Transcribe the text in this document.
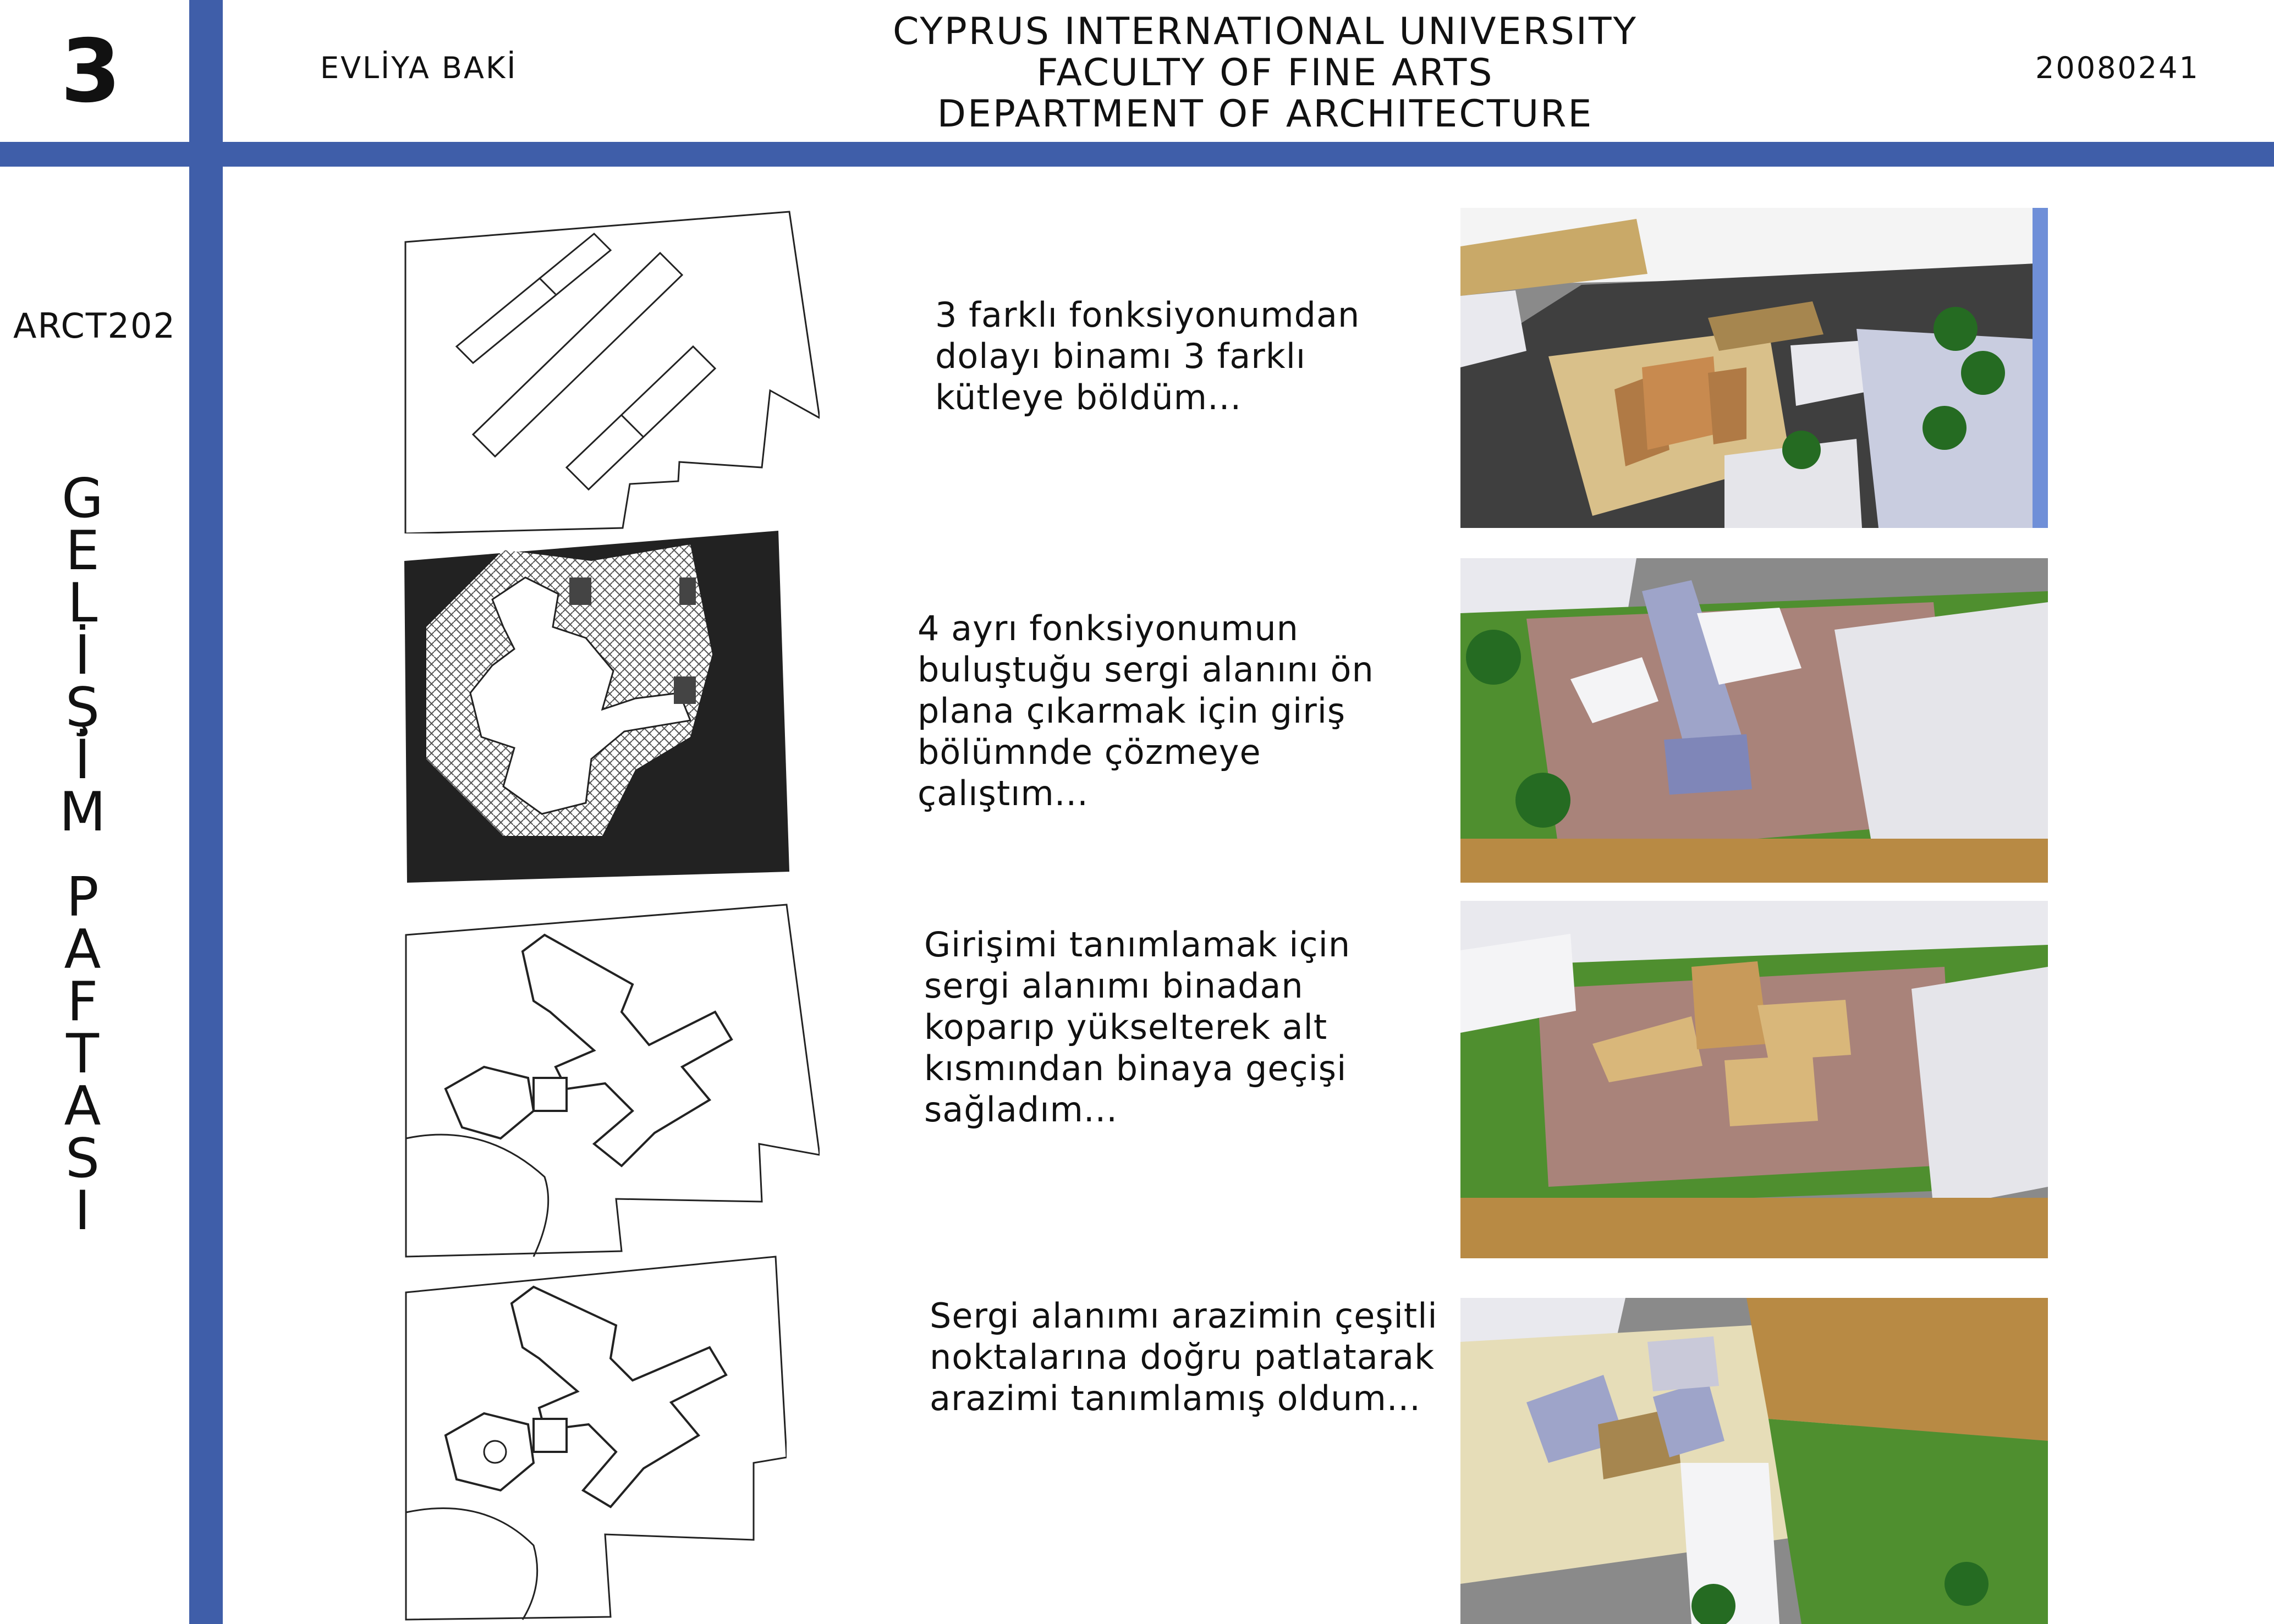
3	EVLİYA BAKİ
CYPRUS INTERNATIONAL UNIVERSITY
FACULTY OF FINE ARTS
DEPARTMENT OF ARCHITECTURE
20080241
ARCT202
G
E
L
İ
Ş
İ
M
P
A
F
T
A
S
I
3 farklı fonksiyonumdan
dolayı binamı 3 farklı
kütleye böldüm...
4 ayrı fonksiyonumun
buluştuğu sergi alanını ön
plana çıkarmak için giriş
bölümnde çözmeye
çalıştım...
Girişimi tanımlamak için
sergi alanımı binadan
koparıp yükselterek alt
kısmından binaya geçişi
sağladım...
Sergi alanımı arazimin çeşitli
noktalarına doğru patlatarak
arazimi tanımlamış oldum...
